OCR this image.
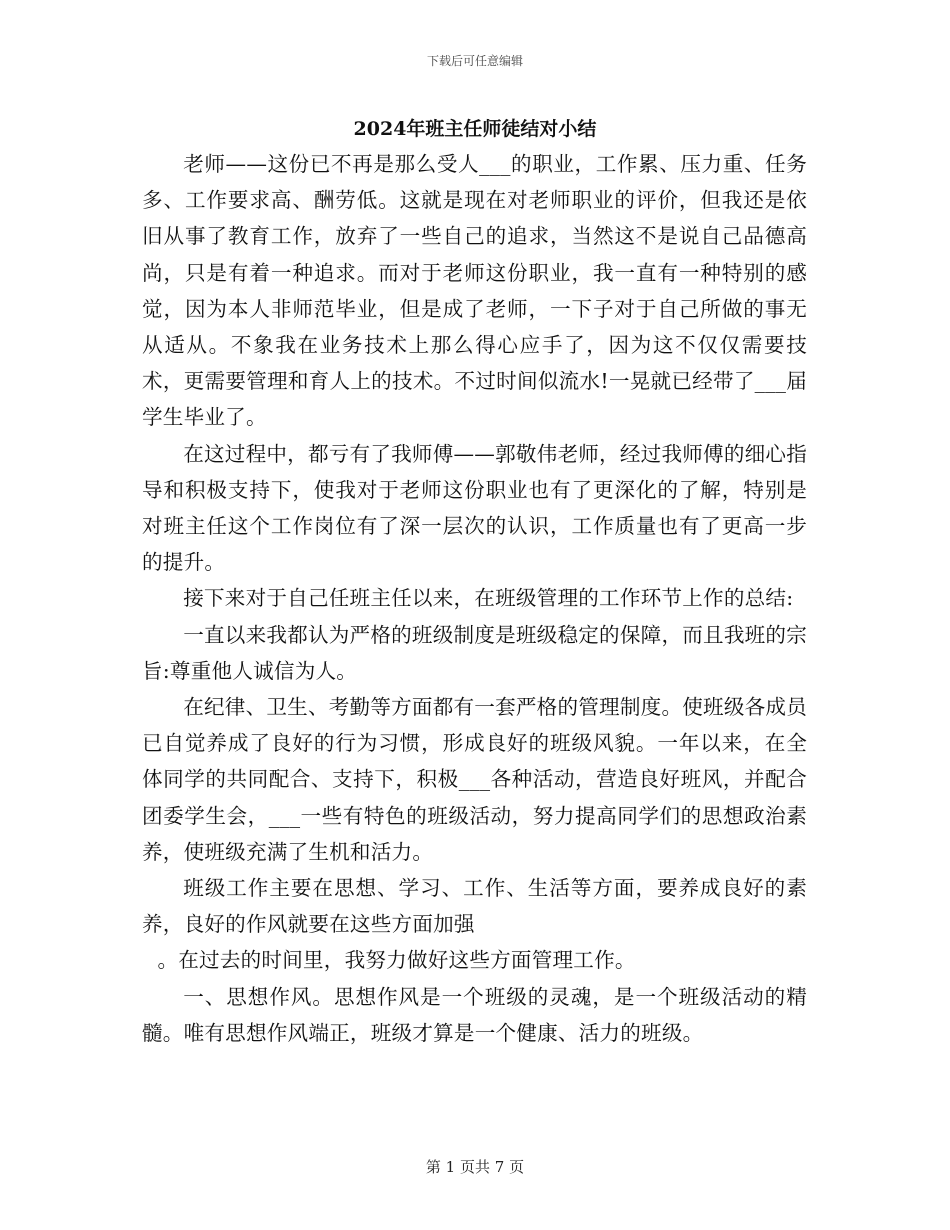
下载后可任意编辑
2024年班主任师徒结对小结

老师——这份已不再是那么受人___的职业，工作累、压力重、任务多、工作要求高、酬劳低。这就是现在对老师职业的评价，但我还是依旧从事了教育工作，放弃了一些自己的追求，当然这不是说自己品德高尚，只是有着一种追求。而对于老师这份职业，我一直有一种特别的感觉，因为本人非师范毕业，但是成了老师，一下子对于自己所做的事无从适从。不象我在业务技术上那么得心应手了，因为这不仅仅需要技术，更需要管理和育人上的技术。不过时间似流水!一晃就已经带了___届学生毕业了。

在这过程中，都亏有了我师傅——郭敬伟老师，经过我师傅的细心指导和积极支持下，使我对于老师这份职业也有了更深化的了解，特别是对班主任这个工作岗位有了深一层次的认识，工作质量也有了更高一步的提升。

接下来对于自己任班主任以来，在班级管理的工作环节上作的总结:

一直以来我都认为严格的班级制度是班级稳定的保障，而且我班的宗旨:尊重他人诚信为人。

在纪律、卫生、考勤等方面都有一套严格的管理制度。使班级各成员已自觉养成了良好的行为习惯，形成良好的班级风貌。一年以来，在全体同学的共同配合、支持下，积极___各种活动，营造良好班风，并配合团委学生会，___一些有特色的班级活动，努力提高同学们的思想政治素养，使班级充满了生机和活力。

班级工作主要在思想、学习、工作、生活等方面，要养成良好的素养，良好的作风就要在这些方面加强

。在过去的时间里，我努力做好这些方面管理工作。

一、思想作风。思想作风是一个班级的灵魂，是一个班级活动的精髓。唯有思想作风端正，班级才算是一个健康、活力的班级。

第 1 页共 7 页
